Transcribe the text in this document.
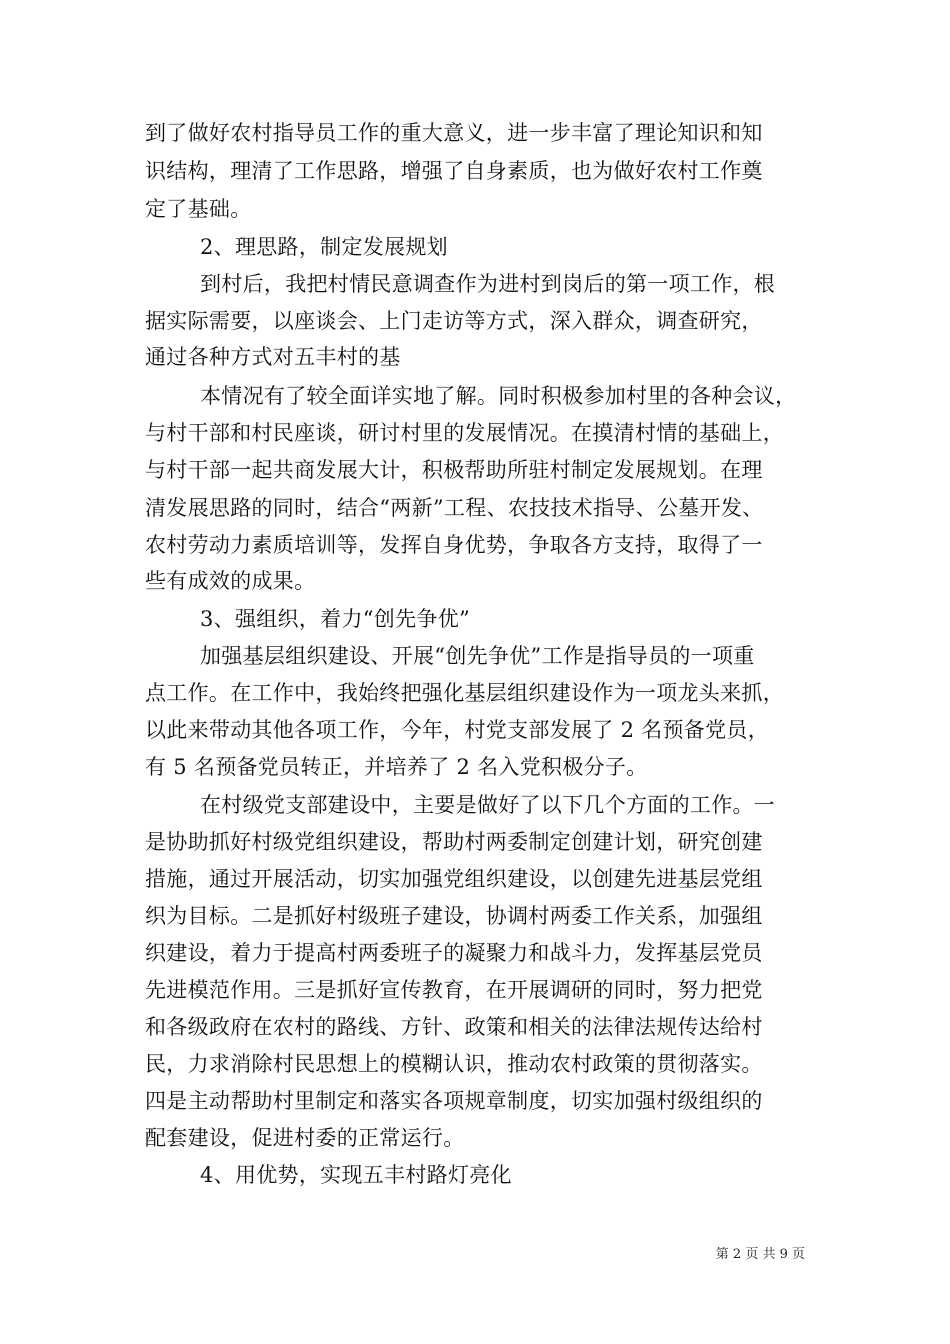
到了做好农村指导员工作的重大意义，进一步丰富了理论知识和知
识结构，理清了工作思路，增强了自身素质，也为做好农村工作奠
定了基础。
2、理思路，制定发展规划
到村后，我把村情民意调查作为进村到岗后的第一项工作，根
据实际需要，以座谈会、上门走访等方式，深入群众，调查研究，
通过各种方式对五丰村的基
本情况有了较全面详实地了解。同时积极参加村里的各种会议，
与村干部和村民座谈，研讨村里的发展情况。在摸清村情的基础上，
与村干部一起共商发展大计，积极帮助所驻村制定发展规划。在理
清发展思路的同时，结合“两新”工程、农技技术指导、公墓开发、
农村劳动力素质培训等，发挥自身优势，争取各方支持，取得了一
些有成效的成果。
3、强组织，着力“创先争优”
加强基层组织建设、开展“创先争优”工作是指导员的一项重
点工作。在工作中，我始终把强化基层组织建设作为一项龙头来抓，
以此来带动其他各项工作，今年，村党支部发展了 2 名预备党员，
有 5 名预备党员转正，并培养了 2 名入党积极分子。
在村级党支部建设中，主要是做好了以下几个方面的工作。一
是协助抓好村级党组织建设，帮助村两委制定创建计划，研究创建
措施，通过开展活动，切实加强党组织建设，以创建先进基层党组
织为目标。二是抓好村级班子建设，协调村两委工作关系，加强组
织建设，着力于提高村两委班子的凝聚力和战斗力，发挥基层党员
先进模范作用。三是抓好宣传教育，在开展调研的同时，努力把党
和各级政府在农村的路线、方针、政策和相关的法律法规传达给村
民，力求消除村民思想上的模糊认识，推动农村政策的贯彻落实。
四是主动帮助村里制定和落实各项规章制度，切实加强村级组织的
配套建设，促进村委的正常运行。
4、用优势，实现五丰村路灯亮化
第 2 页 共 9 页
